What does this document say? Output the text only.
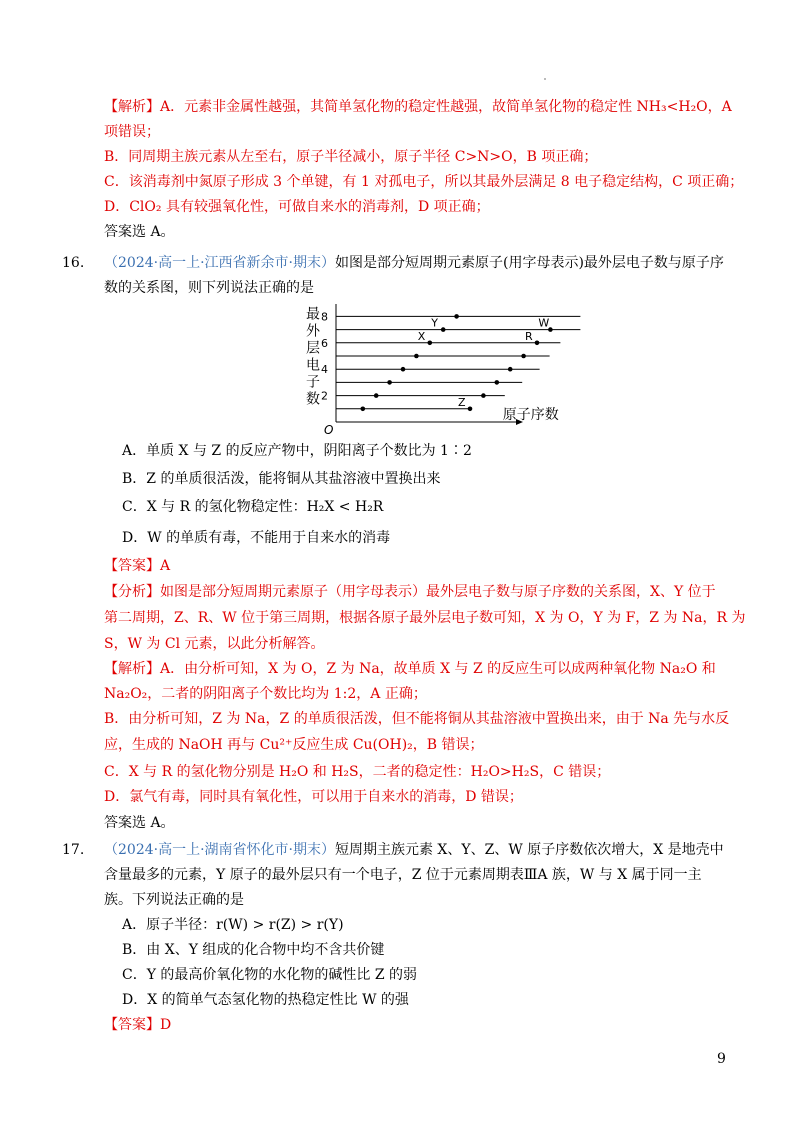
【解析】A．元素非金属性越强，其简单氢化物的稳定性越强，故简单氢化物的稳定性 NH₃<H₂O，A
项错误；
B．同周期主族元素从左至右，原子半径减小，原子半径 C>N>O，B 项正确；
C．该消毒剂中氮原子形成 3 个单键，有 1 对孤电子，所以其最外层满足 8 电子稳定结构，C 项正确；
D．ClO₂ 具有较强氧化性，可做自来水的消毒剂，D 项正确；
答案选 A。
16. （2024·高一上·江西省新余市·期末）如图是部分短周期元素原子(用字母表示)最外层电子数与原子序
数的关系图，则下列说法正确的是
2
4
6
8
O
最
外
层
电
子
数
原子序数
X
Y
Z
R
W
A．单质 X 与 Z 的反应产物中，阴阳离子个数比为 1∶2
B．Z 的单质很活泼，能将铜从其盐溶液中置换出来
C．X 与 R 的氢化物稳定性：H₂X < H₂R
D．W 的单质有毒，不能用于自来水的消毒
【答案】A
【分析】如图是部分短周期元素原子（用字母表示）最外层电子数与原子序数的关系图，X、Y 位于
第二周期，Z、R、W 位于第三周期，根据各原子最外层电子数可知，X 为 O，Y 为 F，Z 为 Na，R 为
S，W 为 Cl 元素，以此分析解答。
【解析】A．由分析可知，X 为 O，Z 为 Na，故单质 X 与 Z 的反应生可以成两种氧化物 Na₂O 和
Na₂O₂，二者的阴阳离子个数比均为 1:2，A 正确；
B．由分析可知，Z 为 Na，Z 的单质很活泼，但不能将铜从其盐溶液中置换出来，由于 Na 先与水反
应，生成的 NaOH 再与 Cu²⁺反应生成 Cu(OH)₂，B 错误；
C．X 与 R 的氢化物分别是 H₂O 和 H₂S，二者的稳定性：H₂O>H₂S，C 错误；
D．氯气有毒，同时具有氧化性，可以用于自来水的消毒，D 错误；
答案选 A。
17. （2024·高一上·湖南省怀化市·期末）短周期主族元素 X、Y、Z、W 原子序数依次增大，X 是地壳中
含量最多的元素，Y 原子的最外层只有一个电子，Z 位于元素周期表ⅢA 族，W 与 X 属于同一主
族。下列说法正确的是
A．原子半径：r(W) > r(Z) > r(Y)
B．由 X、Y 组成的化合物中均不含共价键
C．Y 的最高价氧化物的水化物的碱性比 Z 的弱
D．X 的简单气态氢化物的热稳定性比 W 的强
【答案】D
9
